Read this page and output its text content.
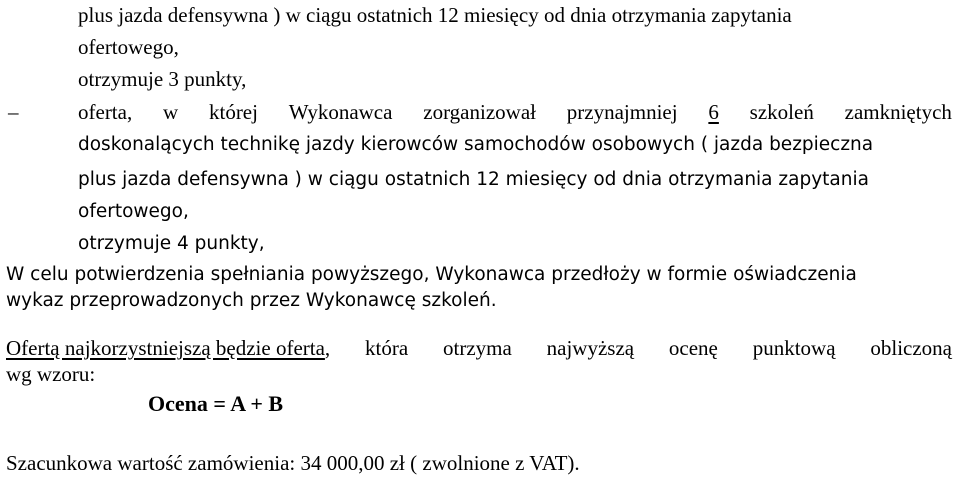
plus jazda defensywna ) w ciągu ostatnich 12 miesięcy od dnia otrzymania zapytania
ofertowego,
otrzymuje 3 punkty,
–	oferta, w której Wykonawca zorganizował przynajmniej 6 szkoleń zamkniętych
doskonalących technikę jazdy kierowców samochodów osobowych ( jazda bezpieczna
plus jazda defensywna ) w ciągu ostatnich 12 miesięcy od dnia otrzymania zapytania
ofertowego,
otrzymuje 4 punkty,
W celu potwierdzenia spełniania powyższego, Wykonawca przedłoży w formie oświadczenia
wykaz przeprowadzonych przez Wykonawcę szkoleń.
Ofertą najkorzystniejszą będzie oferta , która otrzyma najwyższą ocenę punktową obliczoną
wg wzoru:
Ocena = A + B
Szacunkowa wartość zamówienia: 34 000,00 zł ( zwolnione z VAT).
